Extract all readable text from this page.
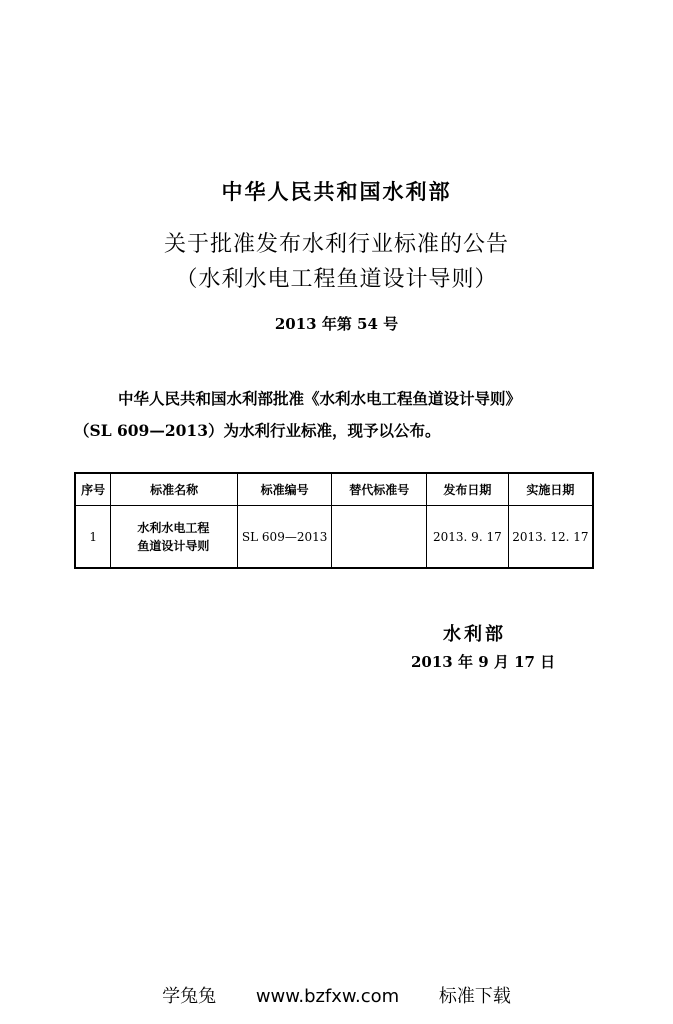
中华人民共和国水利部
关于批准发布水利行业标准的公告
（水利水电工程鱼道设计导则）
2013 年第 54 号
中华人民共和国水利部批准《水利水电工程鱼道设计导则》
（SL 609—2013）为水利行业标准，现予以公布。
序号	标准名称	标准编号	替代标准号	发布日期	实施日期
1	水利水电工程
鱼道设计导则	SL 609—2013		2013. 9. 17	2013. 12. 17
水利部
2013 年 9 月 17 日
学兔兔 www.bzfxw.com 标准下载
